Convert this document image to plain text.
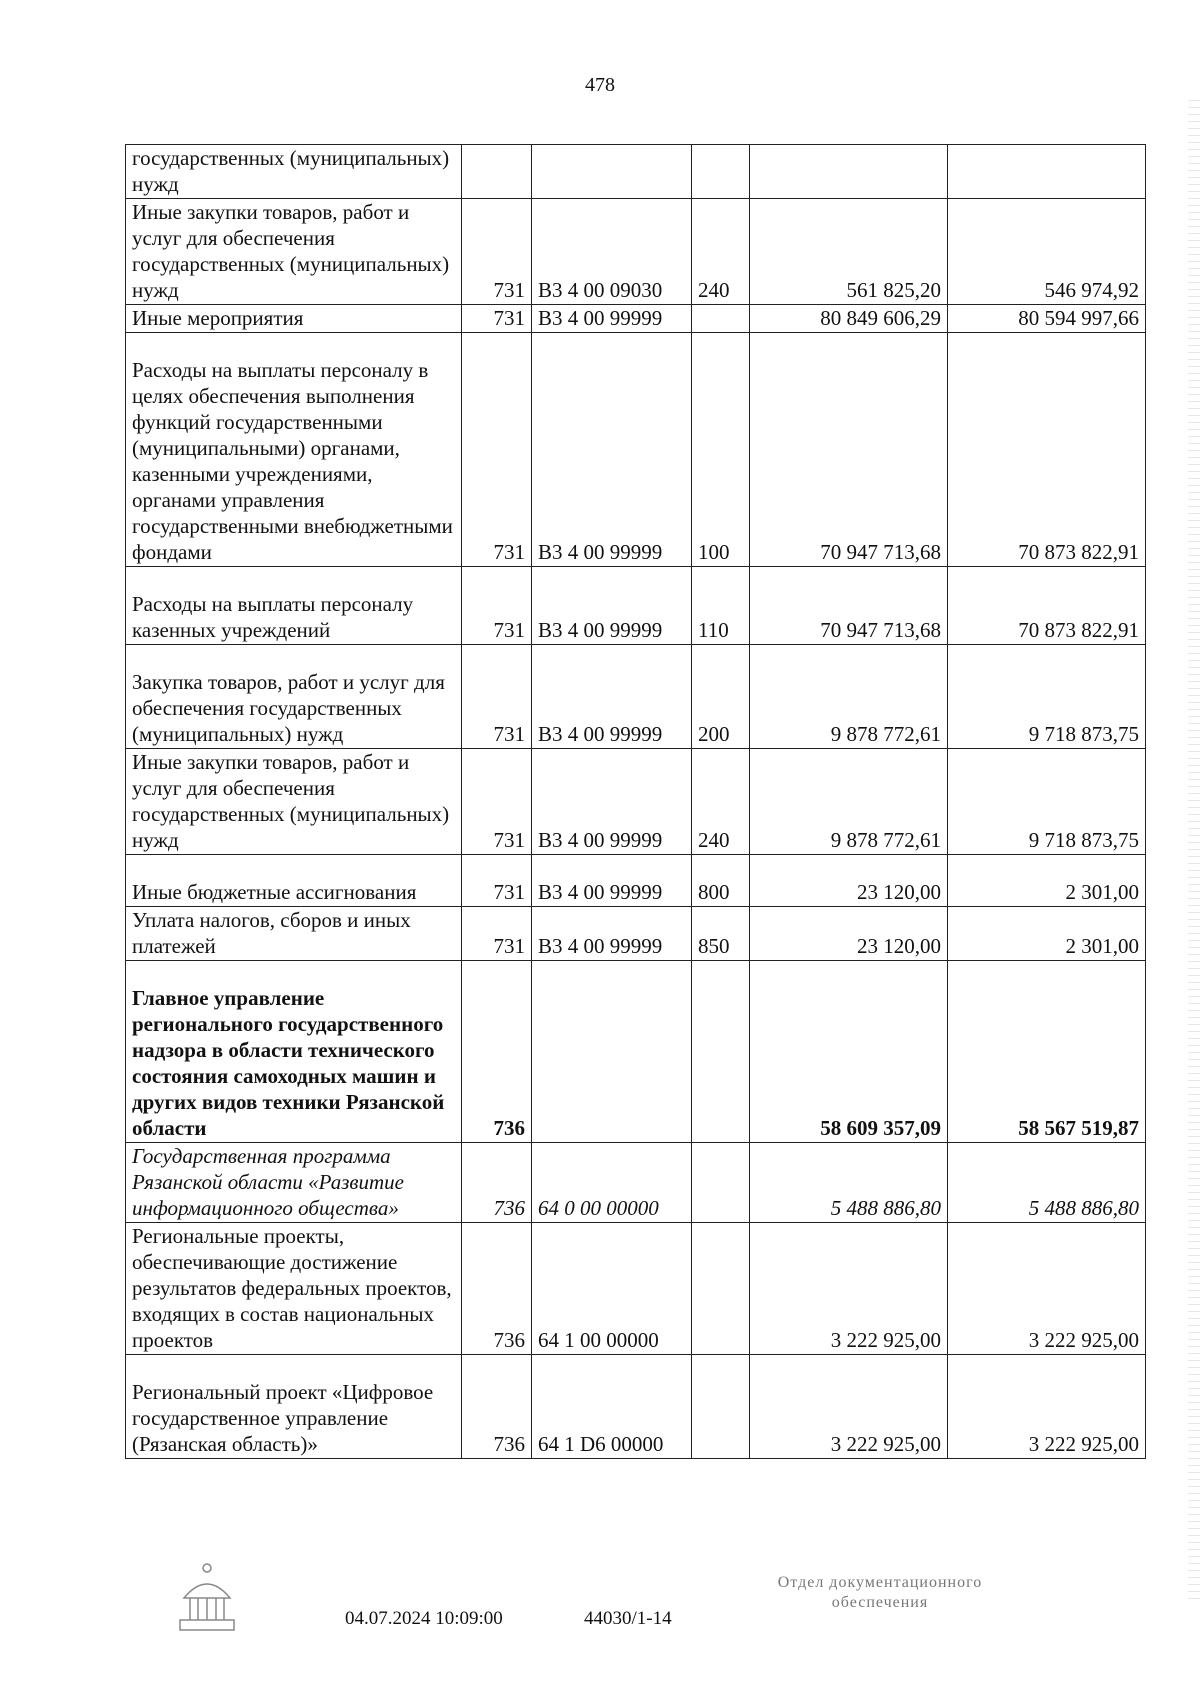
478
государственных (муниципальных) нужд					
Иные закупки товаров, работ и услуг для обеспечения государственных (муниципальных) нужд	731	В3 4 00 09030	240	561 825,20	546 974,92
Иные мероприятия	731	В3 4 00 99999		80 849 606,29	80 594 997,66
Расходы на выплаты персоналу в целях обеспечения выполнения функций государственными (муниципальными) органами, казенными учреждениями, органами управления государственными внебюджетными фондами	731	В3 4 00 99999	100	70 947 713,68	70 873 822,91
Расходы на выплаты персоналу казенных учреждений	731	В3 4 00 99999	110	70 947 713,68	70 873 822,91
Закупка товаров, работ и услуг для обеспечения государственных (муниципальных) нужд	731	В3 4 00 99999	200	9 878 772,61	9 718 873,75
Иные закупки товаров, работ и услуг для обеспечения государственных (муниципальных) нужд	731	В3 4 00 99999	240	9 878 772,61	9 718 873,75
Иные бюджетные ассигнования	731	В3 4 00 99999	800	23 120,00	2 301,00
Уплата налогов, сборов и иных платежей	731	В3 4 00 99999	850	23 120,00	2 301,00
Главное управление регионального государственного надзора в области технического состояния самоходных машин и других видов техники Рязанской области	736			58 609 357,09	58 567 519,87
Государственная программа Рязанской области «Развитие информационного общества»	736	64 0 00 00000		5 488 886,80	5 488 886,80
Региональные проекты, обеспечивающие достижение результатов федеральных проектов, входящих в состав национальных проектов	736	64 1 00 00000		3 222 925,00	3 222 925,00
Региональный проект «Цифровое государственное управление (Рязанская область)»	736	64 1 D6 00000		3 222 925,00	3 222 925,00
04.07.2024 10:09:00	44030/1-14
Отдел документационного
обеспечения
